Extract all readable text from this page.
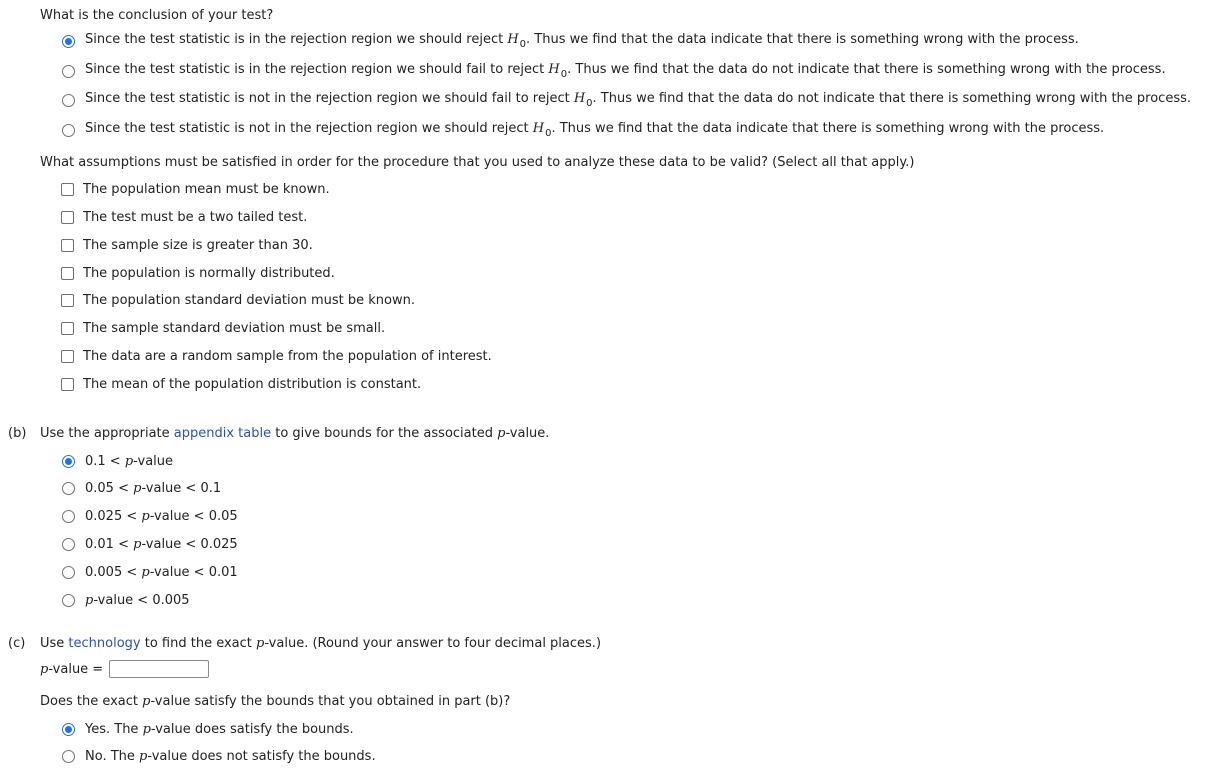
What is the conclusion of your test?
Since the test statistic is in the rejection region we should reject $H_0$. Thus we find that the data indicate that there is something wrong with the process.
Since the test statistic is in the rejection region we should fail to reject $H_0$. Thus we find that the data do not indicate that there is something wrong with the process.
Since the test statistic is not in the rejection region we should fail to reject $H_0$. Thus we find that the data do not indicate that there is something wrong with the process.
Since the test statistic is not in the rejection region we should reject $H_0$. Thus we find that the data indicate that there is something wrong with the process.
What assumptions must be satisfied in order for the procedure that you used to analyze these data to be valid? (Select all that apply.)
The population mean must be known.
The test must be a two tailed test.
The sample size is greater than 30.
The population is normally distributed.
The population standard deviation must be known.
The sample standard deviation must be small.
The data are a random sample from the population of interest.
The mean of the population distribution is constant.
(b) Use the appropriate appendix table to give bounds for the associated p-value.
0.1 < p-value
0.05 < p-value < 0.1
0.025 < p-value < 0.05
0.01 < p-value < 0.025
0.005 < p-value < 0.01
p-value < 0.005
(c) Use technology to find the exact p-value. (Round your answer to four decimal places.)
p-value =
Does the exact p-value satisfy the bounds that you obtained in part (b)?
Yes. The p-value does satisfy the bounds.
No. The p-value does not satisfy the bounds.
